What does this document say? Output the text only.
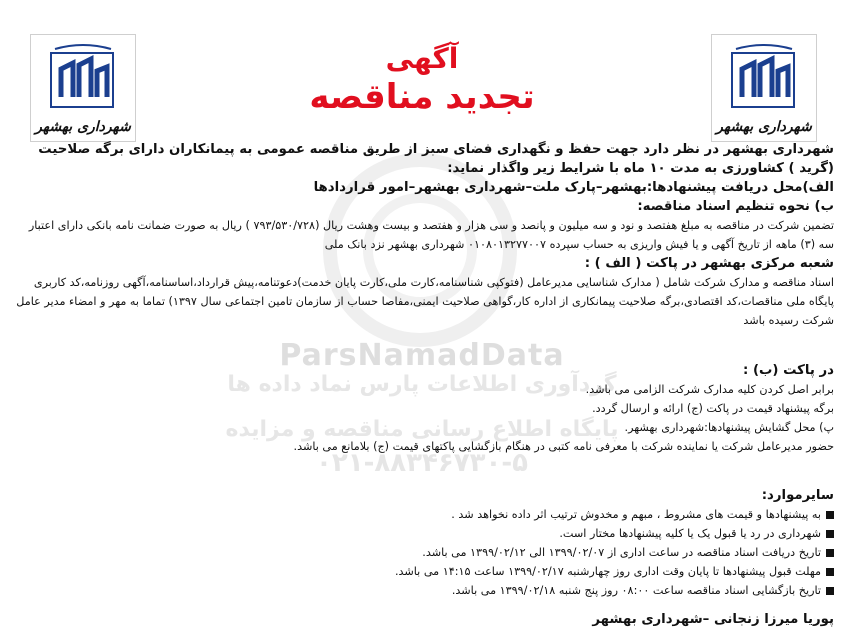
ParsNamadData
گردآوری اطلاعات پارس نماد داده ها
پایگاه اطلاع رسانی مناقصه و مزایده
۰۲۱-۸۸۳۴۶۷۳۰-۵
شهرداری بهشهر
شهرداری بهشهر
آگهی
تجدید مناقصه
شهرداری بهشهر در نظر دارد جهت حفظ و نگهداری فضای سبز از طریق مناقصه عمومی به پیمانکاران دارای برگه صلاحیت (گرید ) کشاورزی به مدت ۱۰ ماه با شرایط زیر واگذار نماید:
الف)محل دریافت پیشنهادها:بهشهر–پارک ملت–شهرداری بهشهر–امور قراردادها
ب) نحوه تنظیم اسناد مناقصه:
تضمین شرکت در مناقصه به مبلغ هفتصد و نود و سه میلیون و پانصد و سی هزار و هفتصد و بیست وهشت ریال (۷۹۳/۵۳۰/۷۲۸ ) ریال به صورت ضمانت نامه بانکی دارای اعتبار سه (۳) ماهه از تاریخ آگهی و یا فیش واریزی به حساب سپرده ۰۱۰۸۰۱۳۲۷۷۰۰۷ شهرداری بهشهر نزد بانک ملی
شعبه مرکزی بهشهر در پاکت ( الف ) :
اسناد مناقصه و مدارک شرکت شامل ( مدارک شناسایی مدیرعامل (فتوکپی شناسنامه،کارت ملی،کارت پایان خدمت)دعوتنامه،پیش قرارداد،اساسنامه،آگهی روزنامه،کد کاربری پایگاه ملی مناقصات،کد اقتصادی،برگه صلاحیت پیمانکاری از اداره کار،گواهی صلاحیت ایمنی،مفاصا حساب از سازمان تامین اجتماعی سال ۱۳۹۷) تماما به مهر و امضاء مدیر عامل شرکت رسیده باشد
در پاکت (ب) :
برابر اصل کردن کلیه مدارک شرکت الزامی می باشد.
برگه پیشنهاد قیمت در پاکت (ج) ارائه و ارسال گردد.
پ) محل گشایش پیشنهادها:شهرداری بهشهر.
حضور مدیرعامل شرکت یا نماینده شرکت با معرفی نامه کتبی در هنگام بازگشایی پاکتهای قیمت (ج) بلامانع می باشد.
سایرموارد:
به پیشنهادها و قیمت های مشروط ، مبهم و مخدوش ترتیب اثر داده نخواهد شد .
شهرداری در رد یا قبول یک یا کلیه پیشنهادها مختار است.
تاریخ دریافت اسناد مناقصه در ساعت اداری از ۱۳۹۹/۰۲/۰۷ الی ۱۳۹۹/۰۲/۱۲ می باشد.
مهلت قبول پیشنهادها تا پایان وقت اداری روز چهارشنبه ۱۳۹۹/۰۲/۱۷ ساعت ۱۴:۱۵ می باشد.
تاریخ بازگشایی اسناد مناقصه ساعت ۰۸:۰۰ روز پنج شنبه ۱۳۹۹/۰۲/۱۸ می باشد.
پوریا میرزا زنجانی –شهرداری بهشهر
